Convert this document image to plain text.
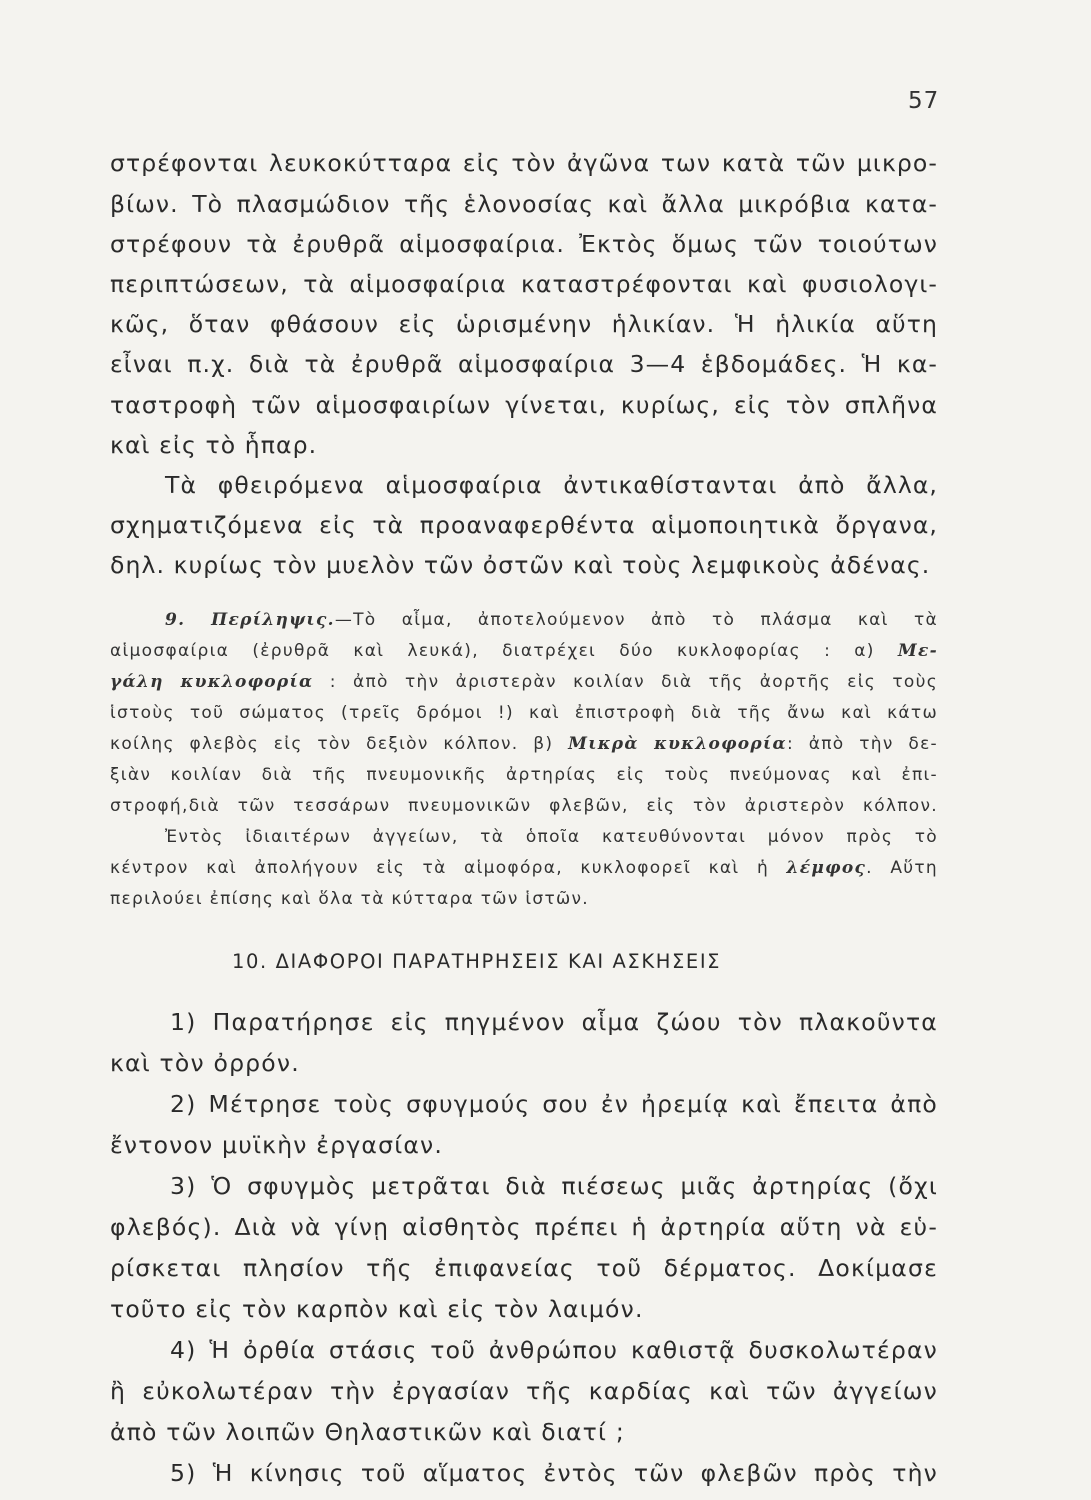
57
στρέφονται λευκοκύτταρα εἰς τὸν ἀγῶνα των κατὰ τῶν μικρο-
βίων. Τὸ πλασμώδιον τῆς ἑλονοσίας καὶ ἄλλα μικρόβια κατα-
στρέφουν τὰ ἐρυθρᾶ αἱμοσφαίρια. Ἐκτὸς ὅμως τῶν τοιούτων
περιπτώσεων, τὰ αἱμοσφαίρια καταστρέφονται καὶ φυσιολογι-
κῶς, ὅταν φθάσουν εἰς ὡρισμένην ἡλικίαν. Ἡ ἡλικία αὕτη
εἶναι π.χ. διὰ τὰ ἐρυθρᾶ αἱμοσφαίρια 3—4 ἑβδομάδες. Ἡ κα-
ταστροφὴ τῶν αἱμοσφαιρίων γίνεται, κυρίως, εἰς τὸν σπλῆνα
καὶ εἰς τὸ ἧπαρ.
Τὰ φθειρόμενα αἱμοσφαίρια ἀντικαθίστανται ἀπὸ ἄλλα,
σχηματιζόμενα εἰς τὰ προαναφερθέντα αἱμοποιητικὰ ὄργανα,
δηλ. κυρίως τὸν μυελὸν τῶν ὀστῶν καὶ τοὺς λεμφικοὺς ἀδένας.
9. Περίληψις.—Τὸ αἷμα, ἀποτελούμενον ἀπὸ τὸ πλάσμα καὶ τὰ
αἱμοσφαίρια (ἐρυθρᾶ καὶ λευκά), διατρέχει δύο κυκλοφορίας : α) Με-
γάλη κυκλοφορία : ἀπὸ τὴν ἀριστερὰν κοιλίαν διὰ τῆς ἀορτῆς εἰς τοὺς
ἱστοὺς τοῦ σώματος (τρεῖς δρόμοι !) καὶ ἐπιστροφὴ διὰ τῆς ἄνω καὶ κάτω
κοίλης φλεβὸς εἰς τὸν δεξιὸν κόλπον. β) Μικρὰ κυκλοφορία: ἀπὸ τὴν δε-
ξιὰν κοιλίαν διὰ τῆς πνευμονικῆς ἀρτηρίας εἰς τοὺς πνεύμονας καὶ ἐπι-
στροφή,διὰ τῶν τεσσάρων πνευμονικῶν φλεβῶν, εἰς τὸν ἀριστερὸν κόλπον.
Ἐντὸς ἰδιαιτέρων ἀγγείων, τὰ ὁποῖα κατευθύνονται μόνον πρὸς τὸ
κέντρον καὶ ἀπολήγουν εἰς τὰ αἱμοφόρα, κυκλοφορεῖ καὶ ἡ λέμφος. Αὕτη
περιλούει ἐπίσης καὶ ὅλα τὰ κύτταρα τῶν ἱστῶν.
10. ΔΙΑΦΟΡΟΙ ΠΑΡΑΤΗΡΗΣΕΙΣ ΚΑΙ ΑΣΚΗΣΕΙΣ
1) Παρατήρησε εἰς πηγμένον αἷμα ζώου τὸν πλακοῦντα
καὶ τὸν ὀρρόν.
2) Μέτρησε τοὺς σφυγμούς σου ἐν ἠρεμίᾳ καὶ ἔπειτα ἀπὸ
ἔντονον μυϊκὴν ἐργασίαν.
3) Ὁ σφυγμὸς μετρᾶται διὰ πιέσεως μιᾶς ἀρτηρίας (ὄχι
φλεβός). Διὰ νὰ γίνῃ αἰσθητὸς πρέπει ἡ ἀρτηρία αὕτη νὰ εὑ-
ρίσκεται πλησίον τῆς ἐπιφανείας τοῦ δέρματος. Δοκίμασε
τοῦτο εἰς τὸν καρπὸν καὶ εἰς τὸν λαιμόν.
4) Ἡ ὀρθία στάσις τοῦ ἀνθρώπου καθιστᾷ δυσκολωτέραν
ἢ εὐκολωτέραν τὴν ἐργασίαν τῆς καρδίας καὶ τῶν ἀγγείων
ἀπὸ τῶν λοιπῶν Θηλαστικῶν καὶ διατί ;
5) Ἡ κίνησις τοῦ αἵματος ἐντὸς τῶν φλεβῶν πρὸς τὴν
